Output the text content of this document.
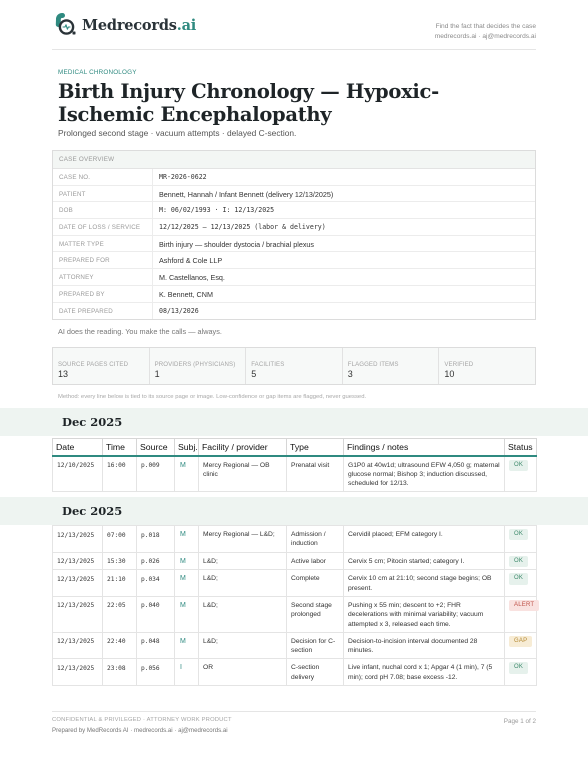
Medrecords.ai	Find the fact that decides the case
medrecords.ai · aj@medrecords.ai
MEDICAL CHRONOLOGY
Birth Injury Chronology — Hypoxic-Ischemic Encephalopathy
Prolonged second stage · vacuum attempts · delayed C-section.
CASE OVERVIEW
CASE NO.	MR-2026-0622
PATIENT	Bennett, Hannah / Infant Bennett (delivery 12/13/2025)
DOB	M: 06/02/1993 · I: 12/13/2025
DATE OF LOSS / SERVICE	12/12/2025 – 12/13/2025 (labor & delivery)
MATTER TYPE	Birth injury — shoulder dystocia / brachial plexus
PREPARED FOR	Ashford & Cole LLP
ATTORNEY	M. Castellanos, Esq.
PREPARED BY	K. Bennett, CNM
DATE PREPARED	08/13/2026
AI does the reading. You make the calls — always.
SOURCE PAGES CITED
13
PROVIDERS (PHYSICIANS)
1
FACILITIES
5
FLAGGED ITEMS
3
VERIFIED
10
Method: every line below is tied to its source page or image. Low-confidence or gap items are flagged, never guessed.
Dec 2025
Date	Time	Source	Subj.	Facility / provider	Type	Findings / notes	Status
12/10/2025	16:00	p.009	M	Mercy Regional — OB clinic	Prenatal visit	G1P0 at 40w1d; ultrasound EFW 4,050 g; maternal glucose normal; Bishop 3; induction discussed, scheduled for 12/13.	OK
Dec 2025
12/13/2025	07:00	p.018	M	Mercy Regional — L&D;	Admission / induction	Cervidil placed; EFM category I.	OK
12/13/2025	15:30	p.026	M	L&D;	Active labor	Cervix 5 cm; Pitocin started; category I.	OK
12/13/2025	21:10	p.034	M	L&D;	Complete	Cervix 10 cm at 21:10; second stage begins; OB present.	OK
12/13/2025	22:05	p.040	M	L&D;	Second stage prolonged	Pushing x 55 min; descent to +2; FHR decelerations with minimal variability; vacuum attempted x 3, released each time.	ALERT
12/13/2025	22:40	p.048	M	L&D;	Decision for C-section	Decision-to-incision interval documented 28 minutes.	GAP
12/13/2025	23:08	p.056	I	OR	C-section delivery	Live infant, nuchal cord x 1; Apgar 4 (1 min), 7 (5 min); cord pH 7.08; base excess -12.	OK
CONFIDENTIAL & PRIVILEGED · ATTORNEY WORK PRODUCT
Prepared by MedRecords AI · medrecords.ai · aj@medrecords.ai
Page 1 of 2
